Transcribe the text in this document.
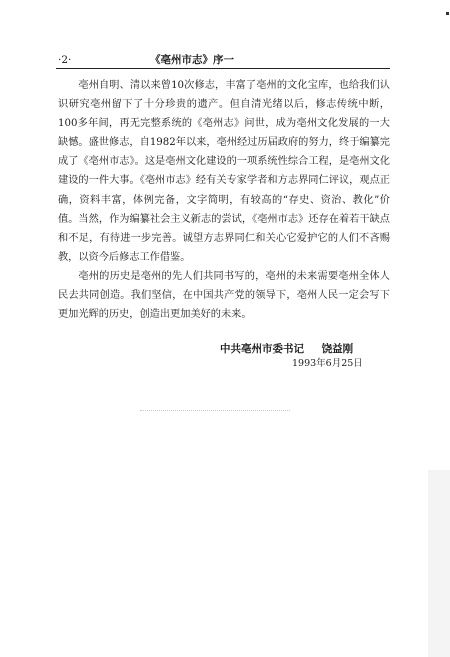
·2·	《亳州市志》序一

亳州自明、清以来曾10次修志，丰富了亳州的文化宝库，也给我们认识研究亳州留下了十分珍贵的遗产。但自清光绪以后，修志传统中断，100多年间，再无完整系统的《亳州志》问世，成为亳州文化发展的一大缺憾。盛世修志，自1982年以来，亳州经过历届政府的努力，终于编纂完成了《亳州市志》。这是亳州文化建设的一项系统性综合工程，是亳州文化建设的一件大事。《亳州市志》经有关专家学者和方志界同仁评议，观点正确，资料丰富，体例完备，文字简明，有较高的“存史、资治、教化”价值。当然，作为编纂社会主义新志的尝试，《亳州市志》还存在着若干缺点和不足，有待进一步完善。诚望方志界同仁和关心它爱护它的人们不吝赐教，以资今后修志工作借鉴。

亳州的历史是亳州的先人们共同书写的，亳州的未来需要亳州全体人民去共同创造。我们坚信，在中国共产党的领导下，亳州人民一定会写下更加光辉的历史，创造出更加美好的未来。

中共亳州市委书记 饶益刚
1993年6月25日
